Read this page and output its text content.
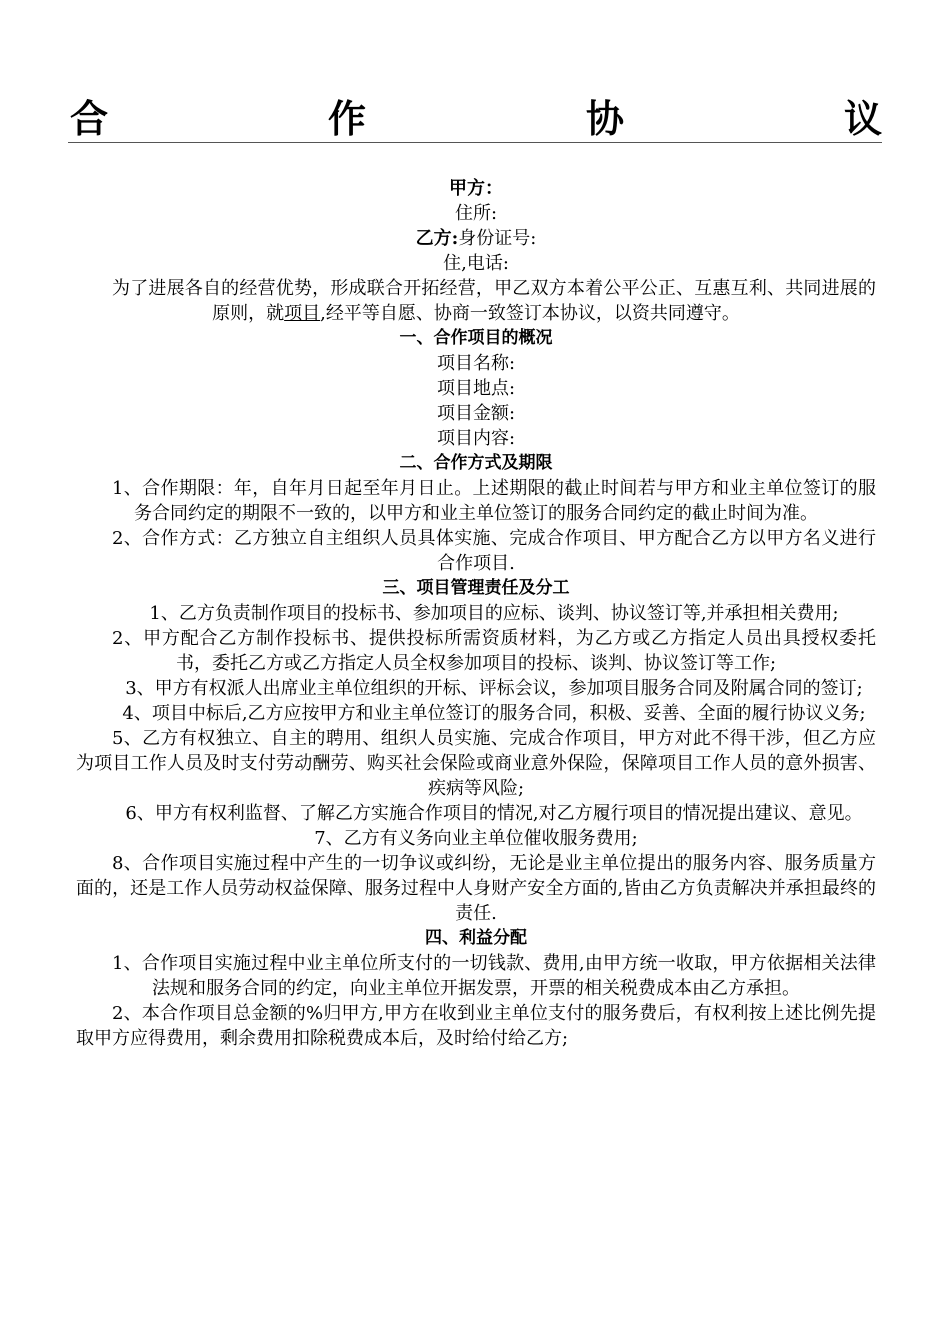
合	作	协	议

甲方：

住所:

乙方:身份证号:

住,电话:

为了进展各自的经营优势，形成联合开拓经营，甲乙双方本着公平公正、互惠互利、共同进展的原则，就项目,经平等自愿、协商一致签订本协议，以资共同遵守。

一、合作项目的概况

项目名称:

项目地点:

项目金额:

项目内容:

二、合作方式及期限

1、合作期限：年，自年月日起至年月日止。上述期限的截止时间若与甲方和业主单位签订的服务合同约定的期限不一致的，以甲方和业主单位签订的服务合同约定的截止时间为准。

2、合作方式：乙方独立自主组织人员具体实施、完成合作项目、甲方配合乙方以甲方名义进行合作项目.

三、项目管理责任及分工

1、乙方负责制作项目的投标书、参加项目的应标、谈判、协议签订等,并承担相关费用;

2、甲方配合乙方制作投标书、提供投标所需资质材料，为乙方或乙方指定人员出具授权委托书，委托乙方或乙方指定人员全权参加项目的投标、谈判、协议签订等工作;

3、甲方有权派人出席业主单位组织的开标、评标会议，参加项目服务合同及附属合同的签订;

4、项目中标后,乙方应按甲方和业主单位签订的服务合同，积极、妥善、全面的履行协议义务;

5、乙方有权独立、自主的聘用、组织人员实施、完成合作项目，甲方对此不得干涉，但乙方应为项目工作人员及时支付劳动酬劳、购买社会保险或商业意外保险，保障项目工作人员的意外损害、疾病等风险;

6、甲方有权利监督、了解乙方实施合作项目的情况,对乙方履行项目的情况提出建议、意见。

7、乙方有义务向业主单位催收服务费用;

8、合作项目实施过程中产生的一切争议或纠纷，无论是业主单位提出的服务内容、服务质量方面的，还是工作人员劳动权益保障、服务过程中人身财产安全方面的,皆由乙方负责解决并承担最终的责任.

四、利益分配

1、合作项目实施过程中业主单位所支付的一切钱款、费用,由甲方统一收取，甲方依据相关法律法规和服务合同的约定，向业主单位开据发票，开票的相关税费成本由乙方承担。

2、本合作项目总金额的%归甲方,甲方在收到业主单位支付的服务费后，有权利按上述比例先提取甲方应得费用，剩余费用扣除税费成本后，及时给付给乙方;
